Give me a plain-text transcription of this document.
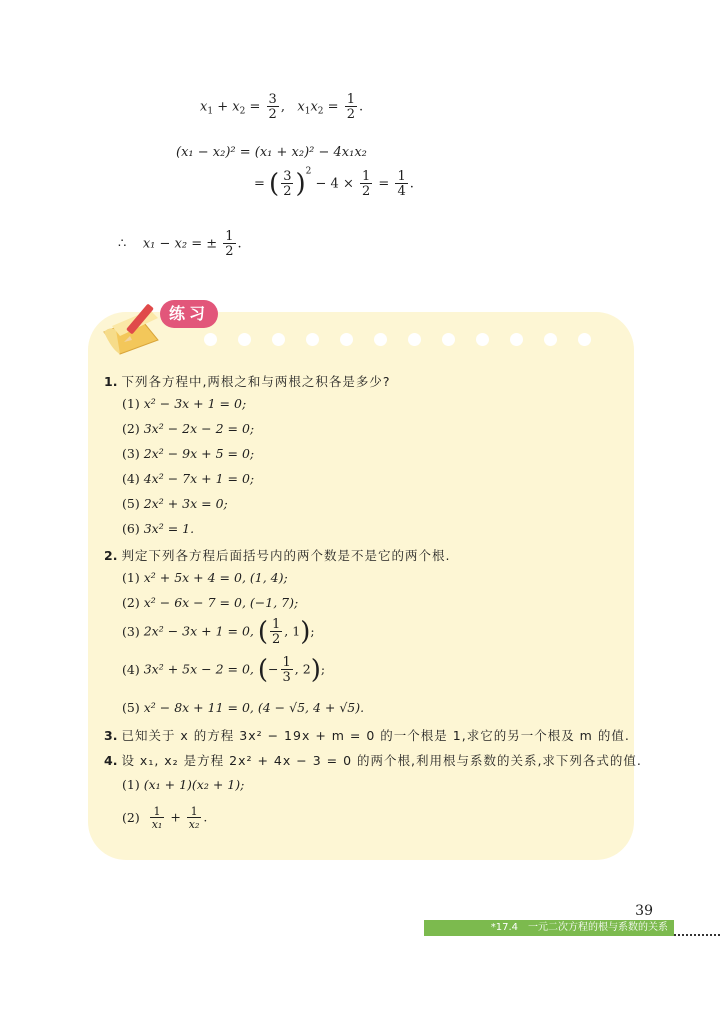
$x_1 + x_2 = \frac{3}{2}$ , $x_1x_2 = \frac{1}{2}$ .
(x₁ − x₂)² = (x₁ + x₂)² − 4x₁x₂
= ( $\frac{3}{2} )^2 - 4 \times \frac{1}{2} = \frac{1}{4}$ .
∴ x₁ − x₂ = ± $\frac{1}{2}$ .
练习
1. 下列各方程中,两根之和与两根之积各是多少?
(1) x² − 3x + 1 = 0;
(2) 3x² − 2x − 2 = 0;
(3) 2x² − 9x + 5 = 0;
(4) 4x² − 7x + 1 = 0;
(5) 2x² + 3x = 0;
(6) 3x² = 1.
2. 判定下列各方程后面括号内的两个数是不是它的两个根.
(1) x² + 5x + 4 = 0, (1, 4);
(2) x² − 6x − 7 = 0, (−1, 7);
(3) 2x² − 3x + 1 = 0, ( $\frac{1}{2}$ , 1);
(4) 3x² + 5x − 2 = 0, (− $\frac{1}{3}$ , 2);
(5) x² − 8x + 11 = 0, (4 − √5, 4 + √5).
3. 已知关于 x 的方程 3x² − 19x + m = 0 的一个根是 1,求它的另一个根及 m 的值.
4. 设 x₁, x₂ 是方程 2x² + 4x − 3 = 0 的两个根,利用根与系数的关系,求下列各式的值.
(1) (x₁ + 1)(x₂ + 1);
$(2) \frac{1}{\text{x₁}} + \frac{1}{\text{x₂}}$ .
39
*17.4　一元二次方程的根与系数的关系
